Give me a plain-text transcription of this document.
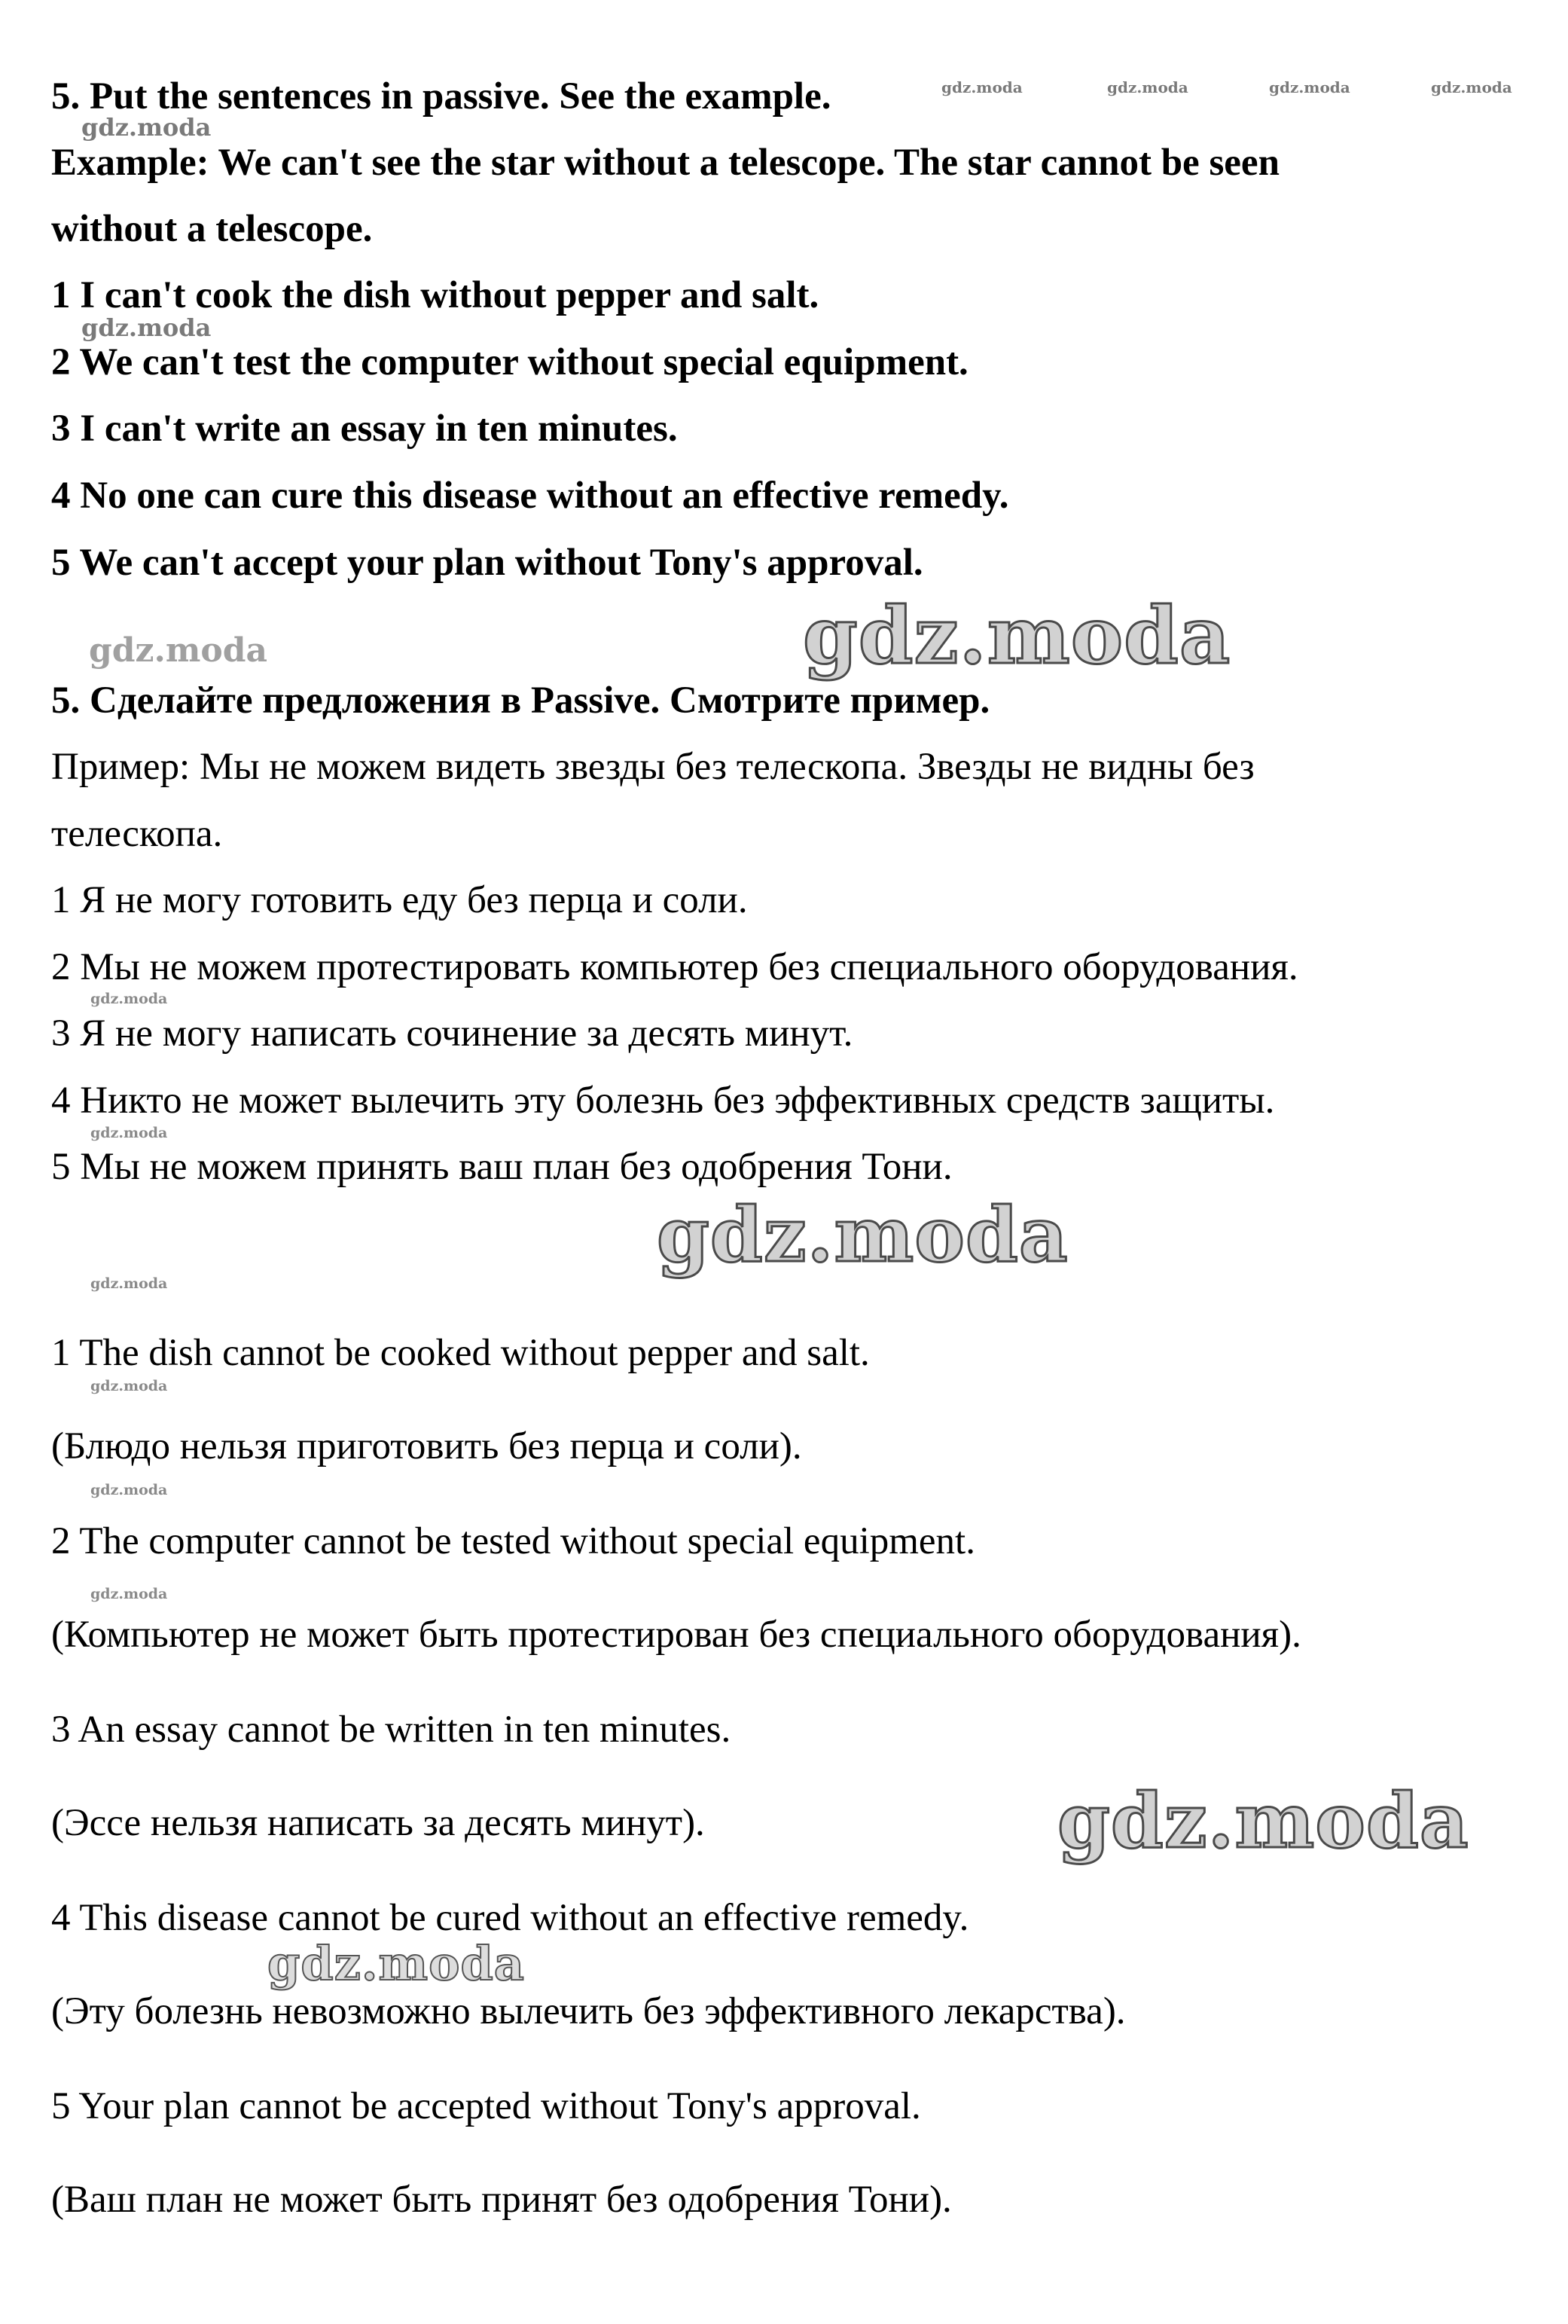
gdz.moda	gdz.moda	gdz.moda	gdz.moda
gdz.moda
gdz.moda
gdz.moda	gdz.moda
gdz.moda
gdz.moda
gdz.moda
gdz.moda
gdz.moda
gdz.moda
gdz.moda
gdz.moda
gdz.moda
5. Put the sentences in passive. See the example.
Example: We can't see the star without a telescope. The star cannot be seen
without a telescope.
1 I can't cook the dish without pepper and salt.
2 We can't test the computer without special equipment.
3 I can't write an essay in ten minutes.
4 No one can cure this disease without an effective remedy.
5 We can't accept your plan without Tony's approval.
5. Сделайте предложения в Passive. Смотрите пример.
Пример: Мы не можем видеть звезды без телескопа. Звезды не видны без
телескопа.
1 Я не могу готовить еду без перца и соли.
2 Мы не можем протестировать компьютер без специального оборудования.
3 Я не могу написать сочинение за десять минут.
4 Никто не может вылечить эту болезнь без эффективных средств защиты.
5 Мы не можем принять ваш план без одобрения Тони.
1 The dish cannot be cooked without pepper and salt.
(Блюдо нельзя приготовить без перца и соли).
2 The computer cannot be tested without special equipment.
(Компьютер не может быть протестирован без специального оборудования).
3 An essay cannot be written in ten minutes.
(Эссе нельзя написать за десять минут).
4 This disease cannot be cured without an effective remedy.
(Эту болезнь невозможно вылечить без эффективного лекарства).
5 Your plan cannot be accepted without Tony's approval.
(Ваш план не может быть принят без одобрения Тони).
